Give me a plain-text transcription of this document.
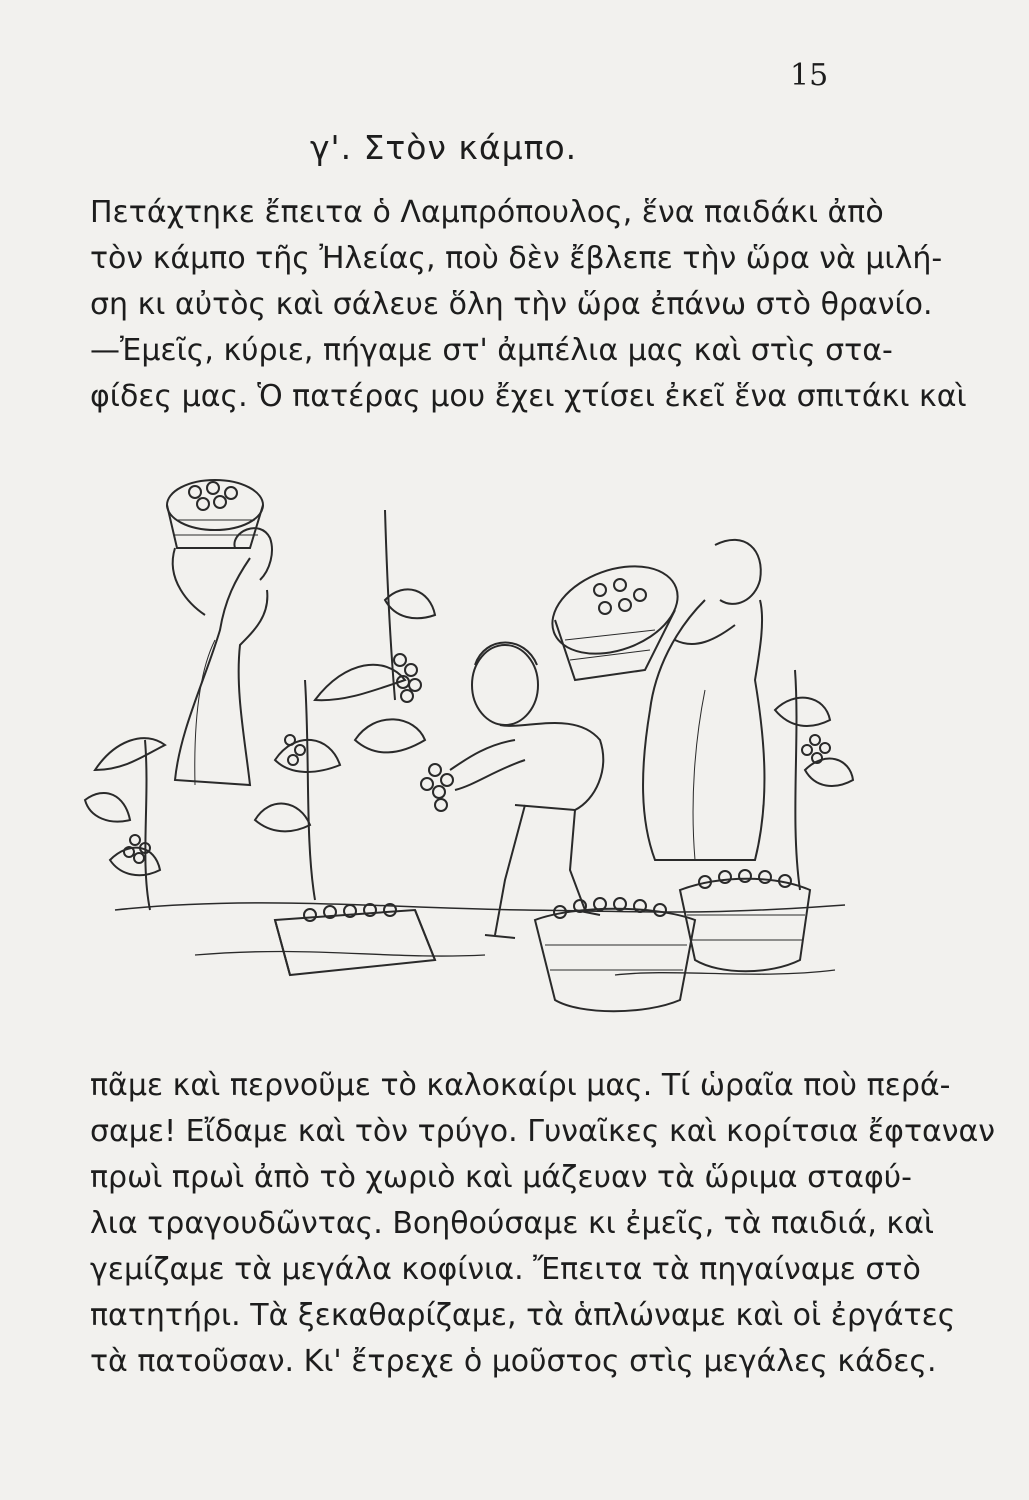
15
γ'. Στὸν κάμπο.
Πετάχτηκε ἔπειτα ὁ Λαμπρόπουλος, ἕνα παιδάκι ἀπὸ
τὸν κάμπο τῆς Ἠλείας, ποὺ δὲν ἔβλεπε τὴν ὥρα νὰ μιλή-
ση κι αὐτὸς καὶ σάλευε ὅλη τὴν ὥρα ἐπάνω στὸ θρανίο.
—Ἐμεῖς, κύριε, πήγαμε στ' ἀμπέλια μας καὶ στὶς στα-
φίδες μας. Ὁ πατέρας μου ἔχει χτίσει ἐκεῖ ἕνα σπιτάκι καὶ
πᾶμε καὶ περνοῦμε τὸ καλοκαίρι μας. Τί ὡραῖα ποὺ περά-
σαμε! Εἴδαμε καὶ τὸν τρύγο. Γυναῖκες καὶ κορίτσια ἔφταναν
πρωὶ πρωὶ ἀπὸ τὸ χωριὸ καὶ μάζευαν τὰ ὥριμα σταφύ-
λια τραγουδῶντας. Βοηθούσαμε κι ἐμεῖς, τὰ παιδιά, καὶ
γεμίζαμε τὰ μεγάλα κοφίνια. Ἔπειτα τὰ πηγαίναμε στὸ
πατητήρι. Τὰ ξεκαθαρίζαμε, τὰ ἁπλώναμε καὶ οἱ ἐργάτες
τὰ πατοῦσαν. Κι' ἔτρεχε ὁ μοῦστος στὶς μεγάλες κάδες.
